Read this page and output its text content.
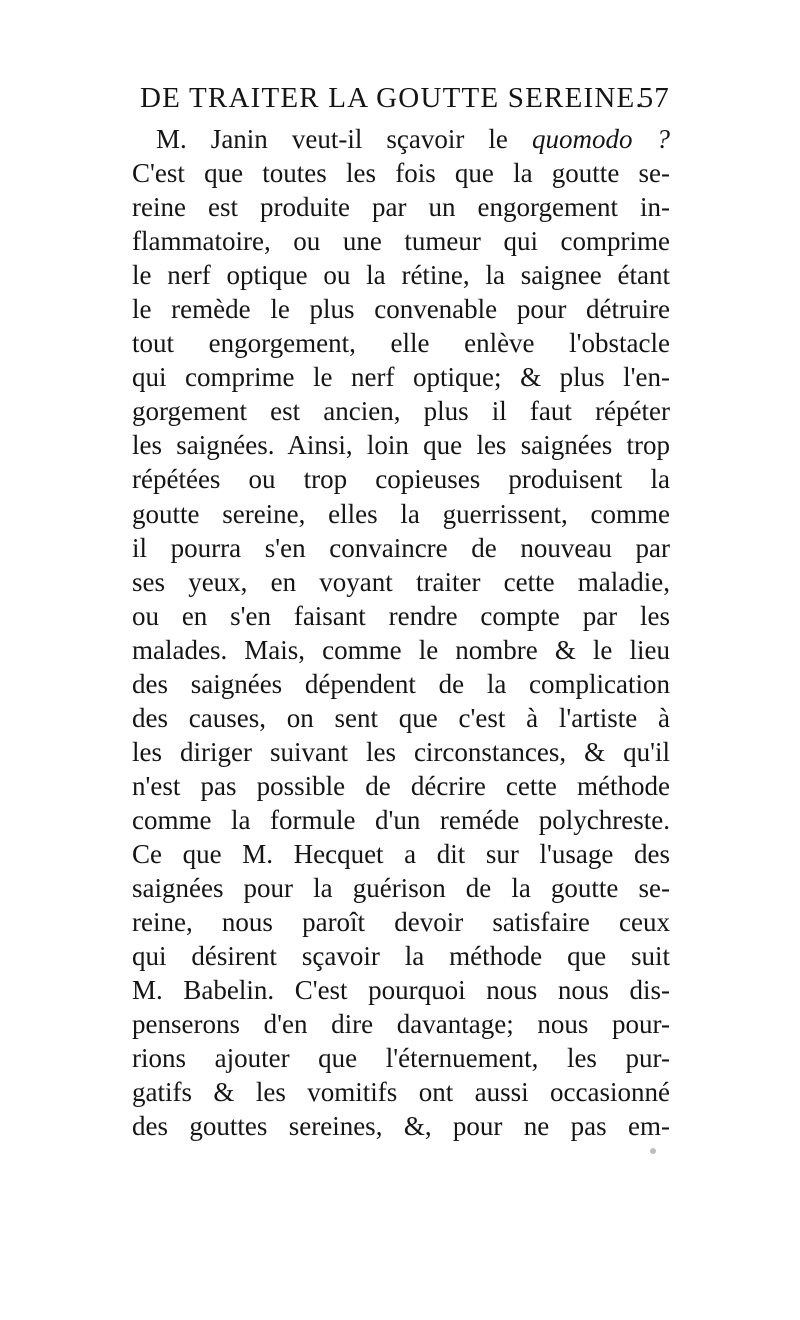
DE TRAITER LA GOUTTE SEREINE.
57
M. Janin veut-il sçavoir le quomodo ?
C'est que toutes les fois que la goutte se-
reine est produite par un engorgement in-
flammatoire, ou une tumeur qui comprime
le nerf optique ou la rétine, la saignee étant
le remède le plus convenable pour détruire
tout engorgement, elle enlève l'obstacle
qui comprime le nerf optique; & plus l'en-
gorgement est ancien, plus il faut répéter
les saignées. Ainsi, loin que les saignées trop
répétées ou trop copieuses produisent la
goutte sereine, elles la guerrissent, comme
il pourra s'en convaincre de nouveau par
ses yeux, en voyant traiter cette maladie,
ou en s'en faisant rendre compte par les
malades. Mais, comme le nombre & le lieu
des saignées dépendent de la complication
des causes, on sent que c'est à l'artiste à
les diriger suivant les circonstances, & qu'il
n'est pas possible de décrire cette méthode
comme la formule d'un reméde polychreste.
Ce que M. Hecquet a dit sur l'usage des
saignées pour la guérison de la goutte se-
reine, nous paroît devoir satisfaire ceux
qui désirent sçavoir la méthode que suit
M. Babelin. C'est pourquoi nous nous dis-
penserons d'en dire davantage; nous pour-
rions ajouter que l'éternuement, les pur-
gatifs & les vomitifs ont aussi occasionné
des gouttes sereines, &, pour ne pas em-
